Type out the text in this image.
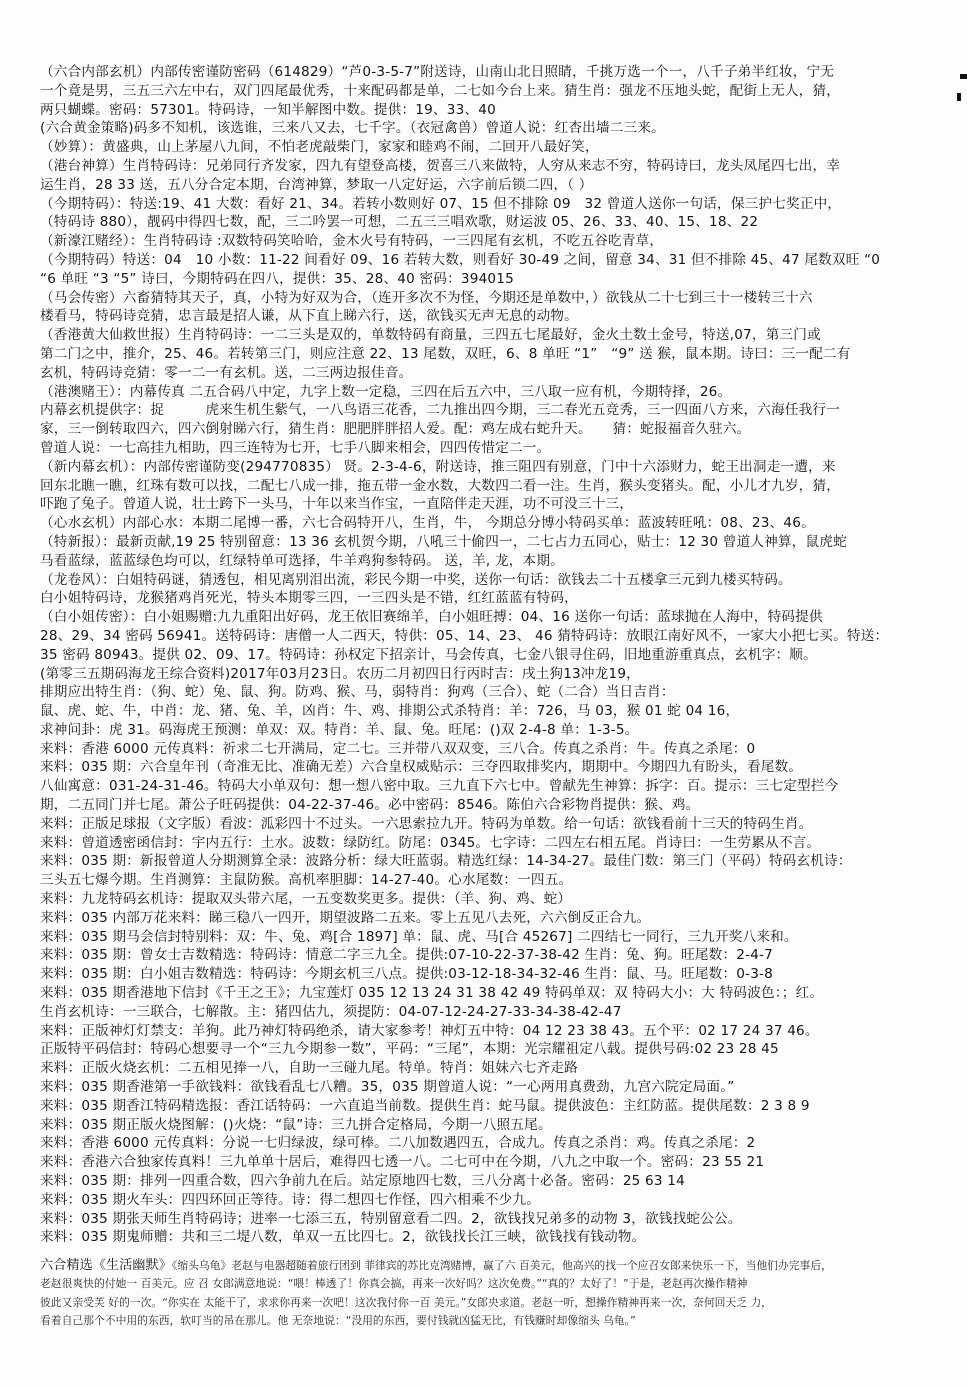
（六合内部玄机）内部传密谨防密码（614829）“芦0-3-5-7”附送诗，山南山北日照睛，千挑万选一个一，八千子弟半红妆，宁无
一个竟是男，三五三六左中右，双门四尾最优秀，十来配码都是单，二七如今台上来。猜生肖：强龙不压地头蛇，配街上无人，猜，
两只蝴蝶。密码：57301。特码诗，一知半解图中数。提供：19、33、40
(六合黄金策略)码多不知机，该选谁，三来八又去，七千字。（衣冠禽兽）曾道人说：红杏出墙二三来。
（妙算）：黄盛典，山上茅屋八九间，不怕老虎敲柴门，家家和睦鸡不闹，二回开八最好笑，
（港台神算）生肖特码诗：兄弟同行齐发家，四九有望登高楼，贺喜三八来做特，人穷从来志不穷，特码诗曰，龙头凤尾四七出，幸
运生肖，28 33 送，五八分合定本期，台湾神算，梦取一八定好运，六字前后锁二四，（ ）
（今期特码）：特送:19、41 大数：看好 21、34。若转小数则好 07、15 但不排除 09　32 曾道人送你一句话，保三护七奖正中，
（特码诗 880），靓码中得四七数，配，三二吟罢一可想，二五三三唱欢歌，财运波 05、26、33、40、15、18、22
（新濠江赌经）：生肖特码诗 :双数特码笑哈哈，金木火号有特码，一三四尾有玄机，不吃五谷吃青草，
（今期特码）特送：04　10 小数：11-22 间看好 09、16 若转大数，则看好 30-49 之间，留意 34、31 但不排除 45、47 尾数双旺 “0
“6 单旺 “3 “5” 诗曰，今期特码在四八，提供：35、28、40 密码：394015
（马会传密）六畜猜特其天子，真，小特为好双为合，（连开多次不为怪，今期还是单数中，）欲钱从二十七到三十一楼转三十六
楼看马，特码诗竞猜，忠言最是招人谦，从下直上睇六行，送，欲钱买无声无息的动物。
（香港黄大仙救世报）生肖特码诗：一二三头是双的，单数特码有商量，三四五七尾最好，金火土数土金号，特送,07，第三门或
第二门之中，推介，25、46。若转第三门，则应注意 22、13 尾数，双旺，6、8 单旺 “1”　“9” 送 猴，鼠本期。诗曰：三一配二有
玄机，特码诗竞猜：零一二一有玄机。送，二三两边报佳音。
（港澳赌王）：内幕传真 二五合码八中定，九字上数一定稳，三四在后五六中，三八取一应有机，今期特择，26。
内幕玄机提供字：捉　　　虎来生机生紫气，一八鸟语三花香，二九推出四今期，三二春光五竞秀，三一四面八方来，六海任我行一
家，三一倒转取四六，四六倒射睇六行，猜生肖：肥肥胖胖招人爱。配：鸡左成右蛇升天。　　猜：蛇报福音久驻六。
曾道人说：一七高挂九相助，四三连特为七开，七手八脚来相会，四四传惜定二一。
（新内幕玄机）：内部传密谨防变(294770835） 贤。2-3-4-6，附送诗，推三阻四有别意，门中十六添财力，蛇王出洞走一遭，来
回东北瞧一瞧，红珠有数可以找，二配七八成一排，拖五带一金水数，大数四二看一注。生肖，猴头变猪头。配，小儿才九岁，猜，
吓跑了兔子。曾道人说，壮士跨下一头马，十年以来当作宝，一直陪伴走天涯，功不可没三十三，
（心水玄机）内部心水：本期二尾博一番，六七合码特开八，生肖，牛， 今期总分博小特码买单：蓝波转旺吼：08、23、46。
（特新报）：最新贡献,19 25 特别留意：13 36 玄机贺今期，八吼三十偷四一，二七占力五同心，贴士：12 30 曾道人神算，鼠虎蛇
马看蓝绿，蓝蓝绿色均可以，红绿特单可选择，牛羊鸡狗参特码。 送，羊, 龙，本期。
（龙卷风）：白姐特码谜，猜透包，相见离别泪出流，彩民今期一中奖，送你一句话：欲钱去二十五楼拿三元到九楼买特码。
白小姐特码诗，龙猴猪鸡肖死光，特头本期零三四，一三四头是不错，红红蓝蓝有特码，
（白小姐传密）：白小姐赐赠:九九重阳出好码，龙王依旧赛绵羊，白小姐旺搏：04、16 送你一句话：蓝球抛在人海中，特码提供
28、29、34 密码 56941。送特码诗：唐僧一人二西天，特供：05、14、23、 46 猜特码诗：放眼江南好风不，一家大小把七买。特送：
35 密码 80943。提供 02、09、17。特码诗：孙权定下招亲计，马会传真，七金八银寻住码，旧地重游重真点，玄机字：顺。
(第零三五期码海龙王综合资料)2017年03月23日。农历二月初四日行丙时吉：戌土狗13冲龙19，
排期应出特生肖：（狗、蛇）兔、鼠、狗。防鸡、猴、马，弱特肖：狗鸡（三合）、蛇（二合）当日吉肖：
鼠、虎、蛇、牛，中肖：龙、猪、兔、羊，凶肖：牛、鸡、排期公式杀特肖：羊：726，马 03，猴 01 蛇 04 16，
求神问卦：虎 31。码海虎王预测：单双：双。特肖：羊、鼠、兔。旺尾：()双 2-4-8 单：1-3-5。
来料：香港 6000 元传真料：祈求二七开满局，定二七。三并带八双双变，三八合。传真之杀肖：牛。传真之杀尾：0
来料：035 期：六合皇年刊（奇准无比、准确无差）六合皇权威贴示：三夺四取排奖内，期期中。今期四九有盼头，看尾数。
八仙寓意：031-24-31-46。特码大小单双句：想一想八密中取。三九直下六七中。曾献先生神算：拆字：百。提示：三七定型拦今
期，二五同门并七尾。萧公子旺码提供：04-22-37-46。必中密码：8546。陈伯六合彩物肖提供：猴、鸡。
来料：正版足球报（文字版）看波：泒彩四十不过头。一六思索拉九开。特码为单数。给一句话：欲钱看前十三天的特码生肖。
来料：曾道透密函信封：宇内五行：土水。波数：绿防红。防尾：0345。七字诗：二四左右相五尾。肖诗曰：一生劳累从不言。
来料：035 期：新报曾道人分期测算全录：波路分析：绿大旺蓝弱。精选红绿：14-34-27。最佳门数：第三门（平码）特码玄机诗：
三头五七爆今期。生肖测算：主鼠防猴。高机率胆脚：14-27-40。心水尾数：一四五。
来料：九龙特码玄机诗：提取双头带六尾，一五变数奖更多。提供：（羊、狗、鸡、蛇）
来料：035 内部万花来料：睇三稳八一四开，期望波路二五来。零上五见八去死，六六倒反正合九。
来料：035 期马会信封特别料：双：牛、兔、鸡[合 1897] 单：鼠、虎、马[合 45267] 二四结七一同行，三九开奖八来和。
来料：035 期：曾女士吉数精选：特码诗：情意二字三九全。提供:07-10-22-37-38-42 生肖：兔、狗。旺尾数：2-4-7
来料：035 期：白小姐吉数精选：特码诗：今期玄机三八点。提供:03-12-18-34-32-46 生肖：鼠、马。旺尾数：0-3-8
来料：035 期香港地下信封《千王之王》；九宝莲灯 035 12 13 24 31 38 42 49 特码单双：双 特码大小：大 特码波色：；红。
生肖玄机诗：一三联合，七解散。主：猪四估九，须提防：04-07-12-24-27-33-34-38-42-47
来料：正版神灯灯禁支：羊狗。此乃神灯特码绝杀，请大家参考！神灯五中特：04 12 23 38 43。五个平：02 17 24 37 46。
正版特平码信封：特码心想要寻一个“三九今期参一数”，平码：“三尾”，本期：光宗耀祖定八载。提供号码:02 23 28 45
来料：正版火烧玄机：二五相见捧一八，自助一三碰九尾。特单。特肖：姐妹六七齐走路
来料：035 期香港第一手欲钱料：欲钱看乱七八糟。35，035 期曾道人说：“一心两用真费劲，九宫六院定局面。”
来料：035 期香江特码精选报：香江话特码：一六直追当前数。提供生肖：蛇马鼠。提供波色：主红防蓝。提供尾数：2 3 8 9
来料：035 期正版火烧图解：()火烧：“鼠”诗：三九拼合定格局，今期一八照五尾。
来料：香港 6000 元传真料：分说一七归绿波，绿可棒。二八加数遇四五，合成九。传真之杀肖：鸡。传真之杀尾：2
来料：香港六合独家传真料！三九单单十居后，难得四七透一八。二七可中在今期，八九之中取一个。密码：23 55 21
来料：035 期：排列一四重合数，四六争前九在后。站定原地四七数，三八分离十必备。密码：25 63 14
来料：035 期火车头：四四环回正等待。诗：得二想四七作怪，四六相乘不少九。
来料：035 期张天师生肖特码诗；进率一七添三五，特别留意看二四。2，欲钱找兄弟多的动物 3，欲钱找蛇公公。
来料：035 期鬼师赠：共和三二堤八数，单双一五比四七。2，欲钱找长江三峡，欲钱找有钱动物。
六合精选《生活幽默》《缩头乌龟》老赵与电器超随着旅行团到 菲律宾的苏比克湾赌博，赢了六 百美元，他高兴的找一个应召女郎来快乐一下，当他们办完事后，
老赵很爽快的付她一 百美元。应 召 女郎满意地说：“喂！棒透了！你真会搞，再来一次好吗？这次免费。”“真的？太好了！”于是，老赵再次操作精神
彼此又亲受芙 好的一次。“你实在 太能干了，求求你再来一次吧！这次我付你一百 美元。”女郎央求道。老赵一听，想操作精神再来一次，奈何回天乏 力，
看着自己那个不中用的东西，软叮当的吊在那儿。他 无奈地说：“没用的东西，要付钱就凶猛无比，有钱赚时却像缩头 乌龟。”
